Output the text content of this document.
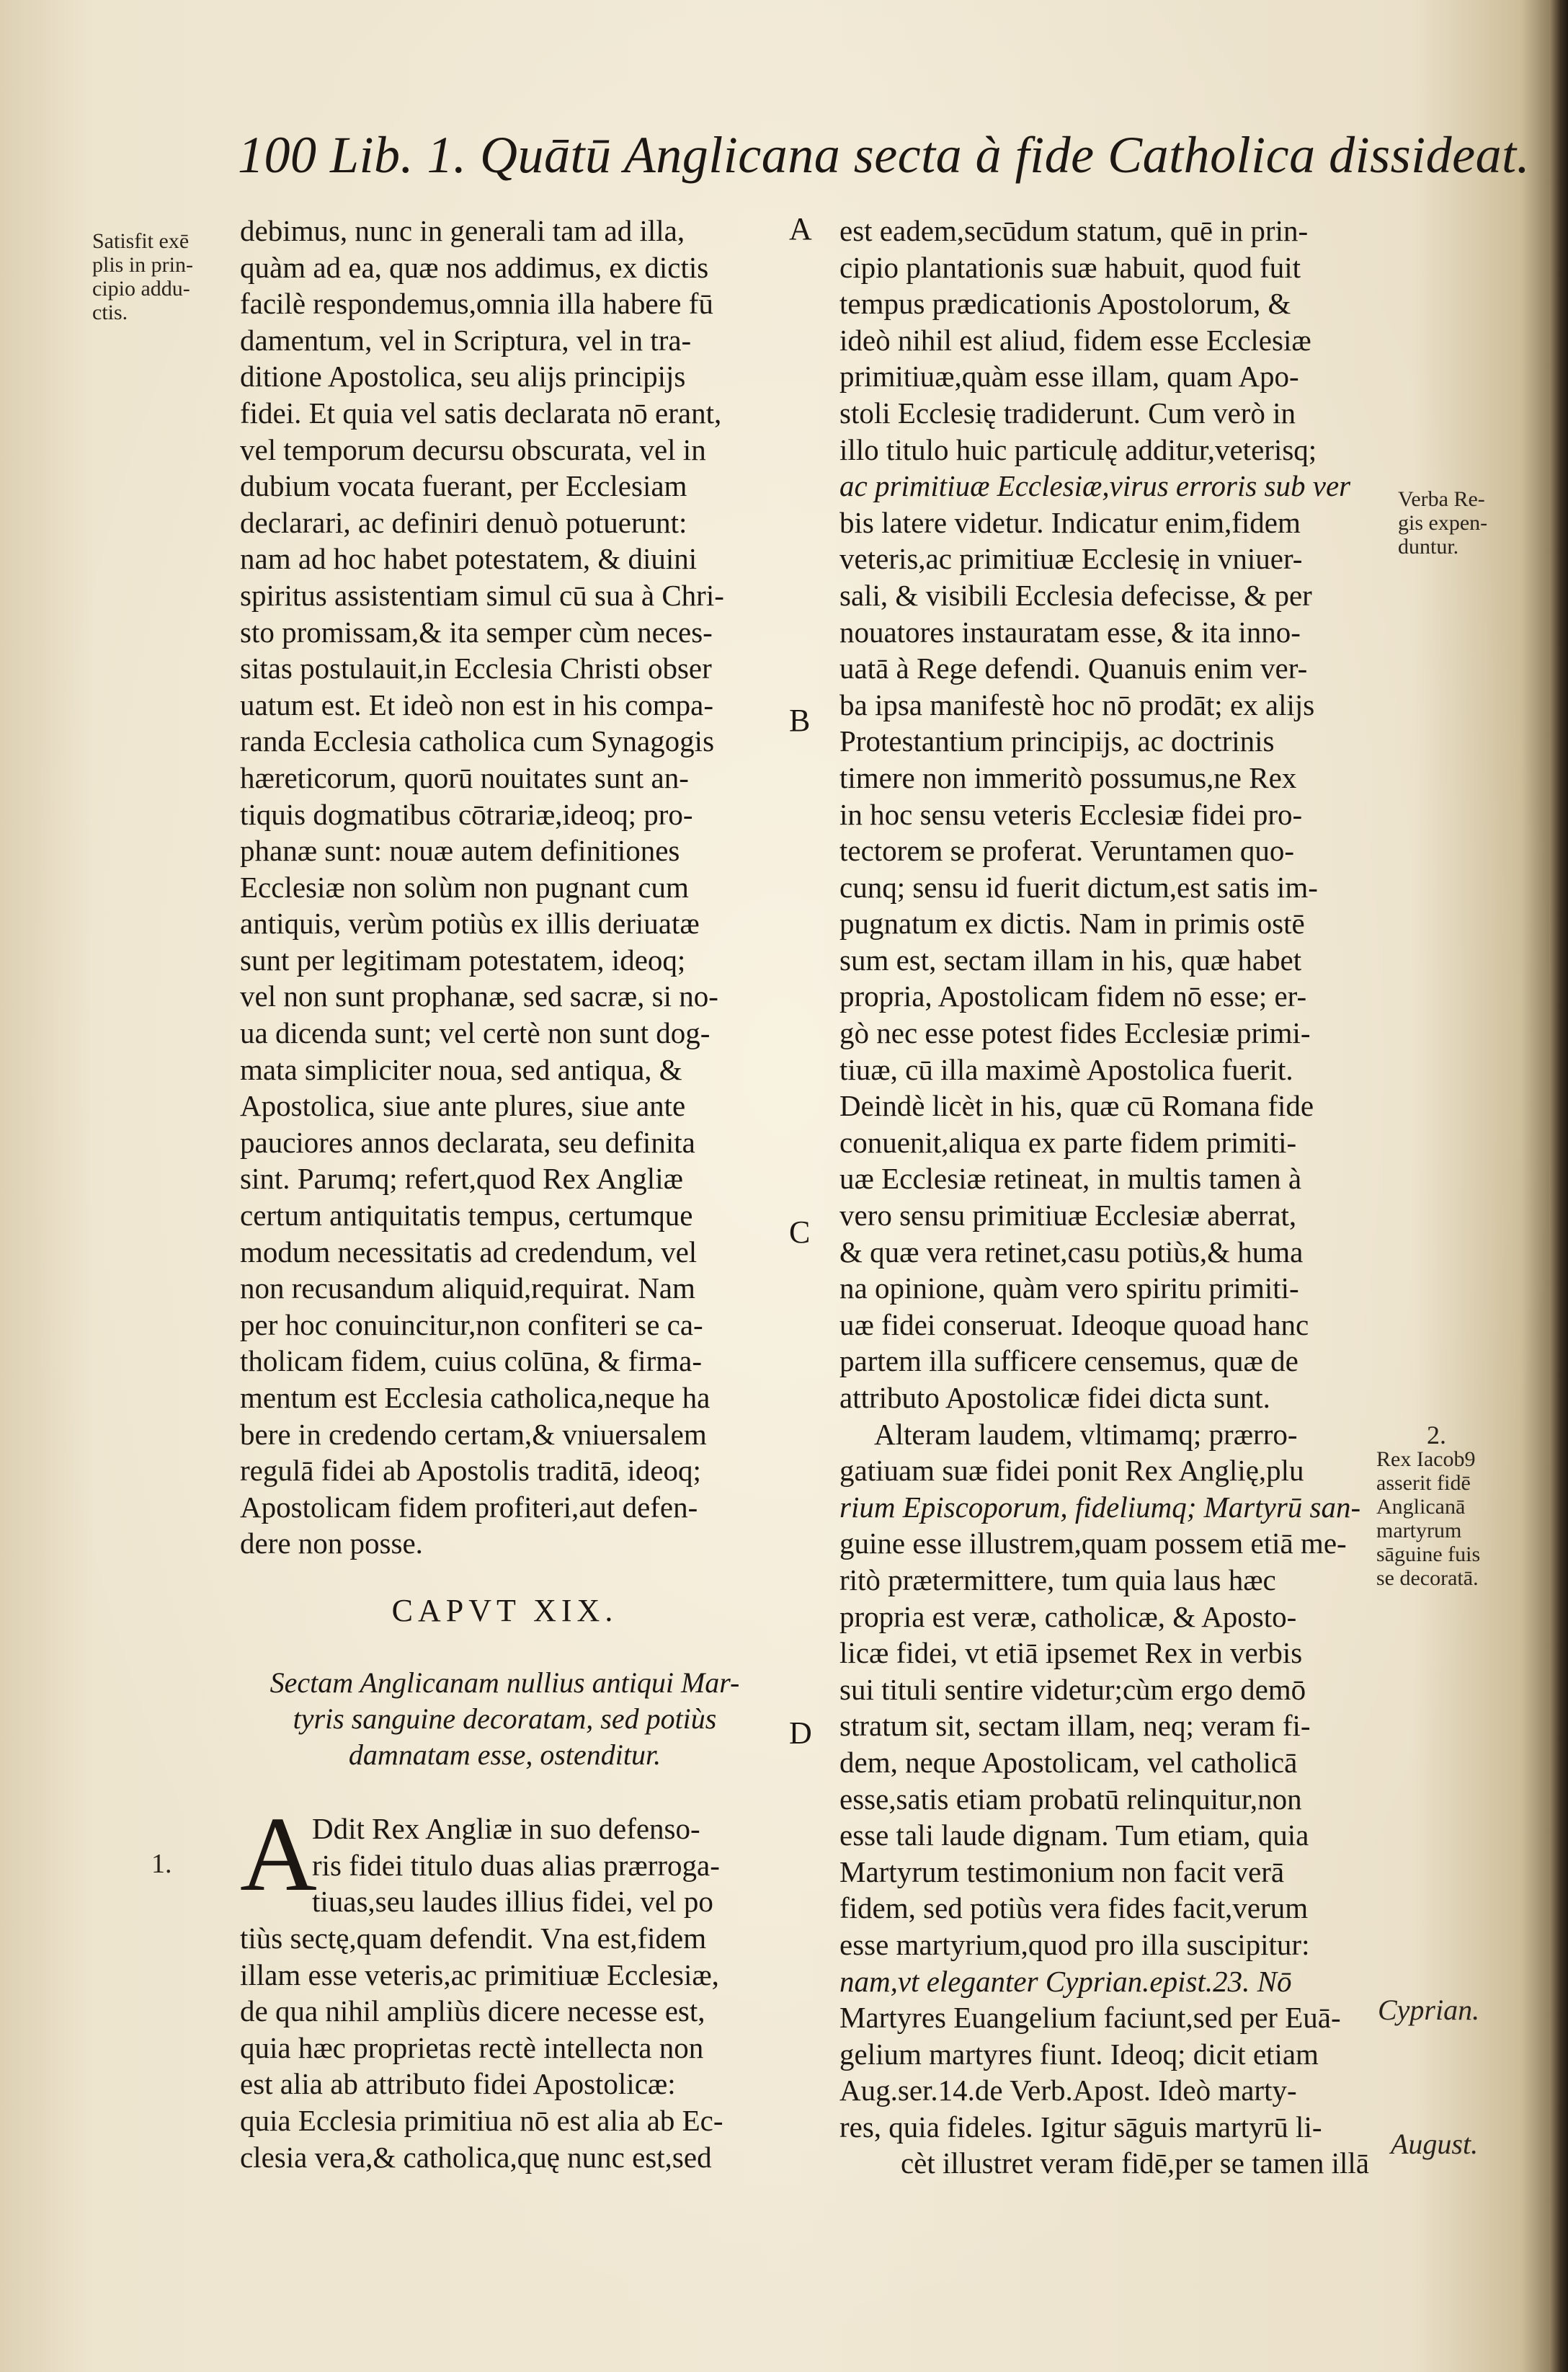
100 Lib. 1. Quātū Anglicana secta à fide Catholica dissideat.
Satisfit exē
plis in prin-
cipio addu-
ctis.
1.
A
B
C
D
debimus, nunc in generali tam ad illa,
quàm ad ea, quæ nos addimus, ex dictis
facilè respondemus,omnia illa habere fū
damentum, vel in Scriptura, vel in tra-
ditione Apostolica, seu alijs principijs
fidei. Et quia vel satis declarata nō erant,
vel temporum decursu obscurata, vel in
dubium vocata fuerant, per Ecclesiam
declarari, ac definiri denuò potuerunt:
nam ad hoc habet potestatem, & diuini
spiritus assistentiam simul cū sua à Chri-
sto promissam,& ita semper cùm neces-
sitas postulauit,in Ecclesia Christi obser
uatum est. Et ideò non est in his compa-
randa Ecclesia catholica cum Synagogis
hæreticorum, quorū nouitates sunt an-
tiquis dogmatibus cōtrariæ,ideoq; pro-
phanæ sunt: nouæ autem definitiones
Ecclesiæ non solùm non pugnant cum
antiquis, verùm potiùs ex illis deriuatæ
sunt per legitimam potestatem, ideoq;
vel non sunt prophanæ, sed sacræ, si no-
ua dicenda sunt; vel certè non sunt dog-
mata simpliciter noua, sed antiqua, &
Apostolica, siue ante plures, siue ante
pauciores annos declarata, seu definita
sint. Parumq; refert,quod Rex Angliæ
certum antiquitatis tempus, certumque
modum necessitatis ad credendum, vel
non recusandum aliquid,requirat. Nam
per hoc conuincitur,non confiteri se ca-
tholicam fidem, cuius colūna, & firma-
mentum est Ecclesia catholica,neque ha
bere in credendo certam,& vniuersalem
regulā fidei ab Apostolis traditā, ideoq;
Apostolicam fidem profiteri,aut defen-
dere non posse.
CAPVT XIX.
Sectam Anglicanam nullius antiqui Mar-
tyris sanguine decoratam, sed potiùs
damnatam esse, ostenditur.
A
Ddit Rex Angliæ in suo defenso-
ris fidei titulo duas alias prærroga-
tiuas,seu laudes illius fidei, vel po
tiùs sectę,quam defendit. Vna est,fidem
illam esse veteris,ac primitiuæ Ecclesiæ,
de qua nihil ampliùs dicere necesse est,
quia hæc proprietas rectè intellecta non
est alia ab attributo fidei Apostolicæ:
quia Ecclesia primitiua nō est alia ab Ec-
clesia vera,& catholica,quę nunc est,sed
est eadem,secūdum statum, quē in prin-
cipio plantationis suæ habuit, quod fuit
tempus prædicationis Apostolorum, &
ideò nihil est aliud, fidem esse Ecclesiæ
primitiuæ,quàm esse illam, quam Apo-
stoli Ecclesię tradiderunt. Cum verò in
illo titulo huic particulę additur,veterisq;
ac primitiuæ Ecclesiæ,virus erroris sub ver
bis latere videtur. Indicatur enim,fidem
veteris,ac primitiuæ Ecclesię in vniuer-
sali, & visibili Ecclesia defecisse, & per
nouatores instauratam esse, & ita inno-
uatā à Rege defendi. Quanuis enim ver-
ba ipsa manifestè hoc nō prodāt; ex alijs
Protestantium principijs, ac doctrinis
timere non immeritò possumus,ne Rex
in hoc sensu veteris Ecclesiæ fidei pro-
tectorem se proferat. Veruntamen quo-
cunq; sensu id fuerit dictum,est satis im-
pugnatum ex dictis. Nam in primis ostē
sum est, sectam illam in his, quæ habet
propria, Apostolicam fidem nō esse; er-
gò nec esse potest fides Ecclesiæ primi-
tiuæ, cū illa maximè Apostolica fuerit.
Deindè licèt in his, quæ cū Romana fide
conuenit,aliqua ex parte fidem primiti-
uæ Ecclesiæ retineat, in multis tamen à
vero sensu primitiuæ Ecclesiæ aberrat,
& quæ vera retinet,casu potiùs,& huma
na opinione, quàm vero spiritu primiti-
uæ fidei conseruat. Ideoque quoad hanc
partem illa sufficere censemus, quæ de
attributo Apostolicæ fidei dicta sunt.
Alteram laudem, vltimamq; prærro-
gatiuam suæ fidei ponit Rex Anglię,plu
rium Episcoporum, fideliumq; Martyrū san-
guine esse illustrem,quam possem etiā me-
ritò prætermittere, tum quia laus hæc
propria est veræ, catholicæ, & Aposto-
licæ fidei, vt etiā ipsemet Rex in verbis
sui tituli sentire videtur;cùm ergo demō
stratum sit, sectam illam, neq; veram fi-
dem, neque Apostolicam, vel catholicā
esse,satis etiam probatū relinquitur,non
esse tali laude dignam. Tum etiam, quia
Martyrum testimonium non facit verā
fidem, sed potiùs vera fides facit,verum
esse martyrium,quod pro illa suscipitur:
nam,vt eleganter Cyprian.epist.23. Nō
Martyres Euangelium faciunt,sed per Euā-
gelium martyres fiunt. Ideoq; dicit etiam
Aug.ser.14.de Verb.Apost. Ideò marty-
res, quia fideles. Igitur sāguis martyrū li-
cèt illustret veram fidē,per se tamen illā
Verba Re-
gis expen-
duntur.
2.
Rex Iacob9
asserit fidē
Anglicanā
martyrum
sāguine fuis
se decoratā.
Cyprian.
August.
